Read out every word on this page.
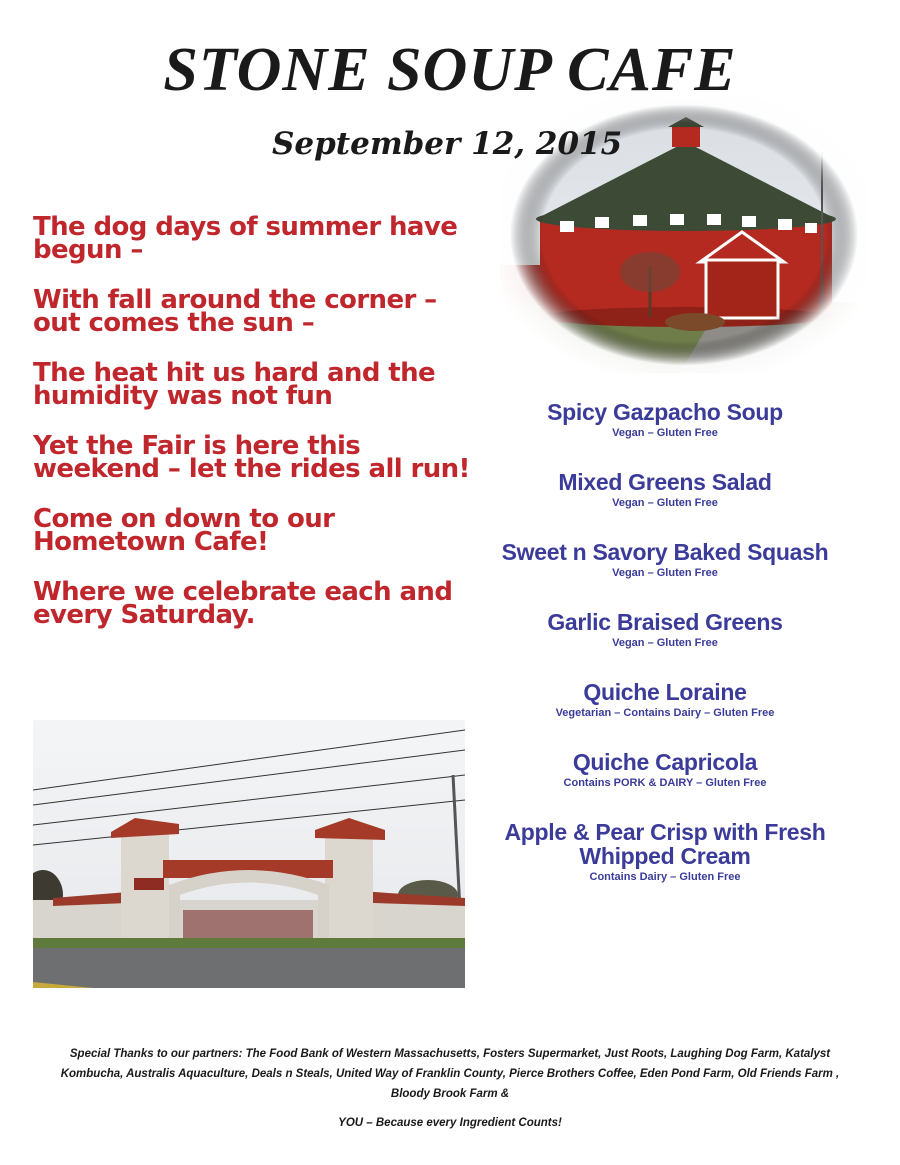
STONE SOUP CAFE
September 12, 2015

The dog days of summer have
begun –

With fall around the corner –
out comes the sun –

The heat hit us hard and the
humidity was not fun

Yet the Fair is here this
weekend – let the rides all run!

Come on down to our
Hometown Cafe!

Where we celebrate each and
every Saturday.

Spicy Gazpacho Soup
Vegan – Gluten Free
Mixed Greens Salad
Vegan – Gluten Free
Sweet n Savory Baked Squash
Vegan – Gluten Free
Garlic Braised Greens
Vegan – Gluten Free
Quiche Loraine
Vegetarian – Contains Dairy – Gluten Free
Quiche Capricola
Contains PORK & DAIRY – Gluten Free
Apple & Pear Crisp with Fresh Whipped Cream
Contains Dairy – Gluten Free
Special Thanks to our partners: The Food Bank of Western Massachusetts, Fosters Supermarket, Just Roots, Laughing Dog Farm, Katalyst Kombucha, Australis Aquaculture, Deals n Steals, United Way of Franklin County, Pierce Brothers Coffee, Eden Pond Farm, Old Friends Farm , Bloody Brook Farm &
YOU – Because every Ingredient Counts!
